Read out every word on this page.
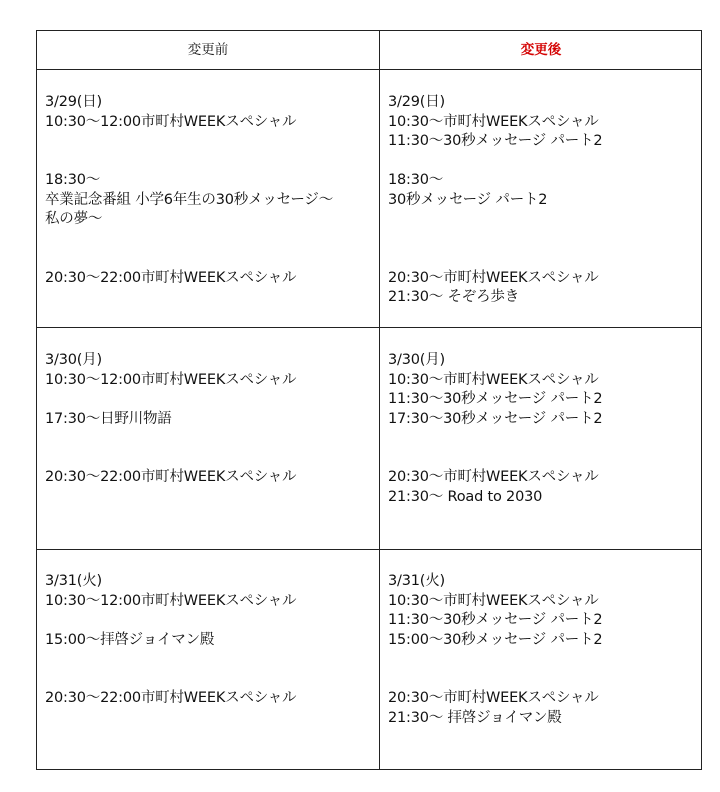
変更前	変更後
3/29(日)
10:30～12:00市町村WEEKスペシャル
18:30～
卒業記念番組 小学6年生の30秒メッセージ～
私の夢～
20:30～22:00市町村WEEKスペシャル
3/29(日)
10:30～市町村WEEKスペシャル
11:30～30秒メッセージ パート2
18:30～
30秒メッセージ パート2
20:30～市町村WEEKスペシャル
21:30～ そぞろ歩き
3/30(月)
10:30～12:00市町村WEEKスペシャル
17:30～日野川物語
20:30～22:00市町村WEEKスペシャル
3/30(月)
10:30～市町村WEEKスペシャル
11:30～30秒メッセージ パート2
17:30～30秒メッセージ パート2
20:30～市町村WEEKスペシャル
21:30～ Road to 2030
3/31(火)
10:30～12:00市町村WEEKスペシャル
15:00～拝啓ジョイマン殿
20:30～22:00市町村WEEKスペシャル
3/31(火)
10:30～市町村WEEKスペシャル
11:30～30秒メッセージ パート2
15:00～30秒メッセージ パート2
20:30～市町村WEEKスペシャル
21:30～ 拝啓ジョイマン殿
